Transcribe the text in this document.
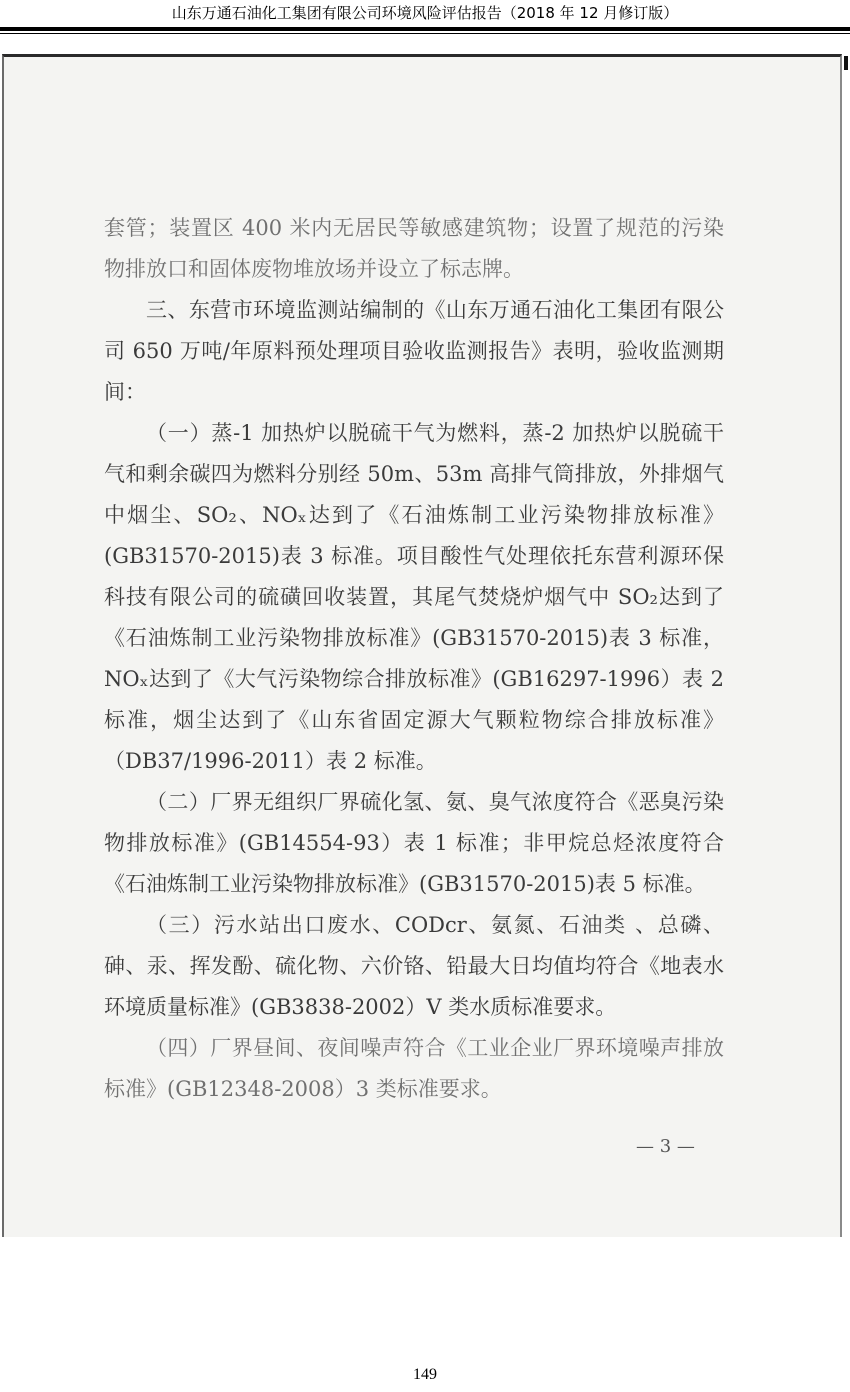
山东万通石油化工集团有限公司环境风险评估报告（2018 年 12 月修订版）

套管；装置区 400 米内无居民等敏感建筑物；设置了规范的污染物排放口和固体废物堆放场并设立了标志牌。

三、东营市环境监测站编制的《山东万通石油化工集团有限公司 650 万吨/年原料预处理项目验收监测报告》表明，验收监测期间：

（一）蒸-1 加热炉以脱硫干气为燃料，蒸-2 加热炉以脱硫干气和剩余碳四为燃料分别经 50m、53m 高排气筒排放，外排烟气中烟尘、SO₂、NOₓ达到了《石油炼制工业污染物排放标准》(GB31570-2015)表 3 标准。项目酸性气处理依托东营利源环保科技有限公司的硫磺回收装置，其尾气焚烧炉烟气中 SO₂达到了《石油炼制工业污染物排放标准》(GB31570-2015)表 3 标准，NOₓ达到了《大气污染物综合排放标准》(GB16297-1996）表 2 标准，烟尘达到了《山东省固定源大气颗粒物综合排放标准》（DB37/1996-2011）表 2 标准。

（二）厂界无组织厂界硫化氢、氨、臭气浓度符合《恶臭污染物排放标准》(GB14554-93）表 1 标准；非甲烷总烃浓度符合《石油炼制工业污染物排放标准》(GB31570-2015)表 5 标准。

（三）污水站出口废水、CODcr、氨氮、石油类 、总磷、砷、汞、挥发酚、硫化物、六价铬、铅最大日均值均符合《地表水环境质量标准》(GB3838-2002）V 类水质标准要求。

（四）厂界昼间、夜间噪声符合《工业企业厂界环境噪声排放标准》(GB12348-2008）3 类标准要求。

— 3 —
149
